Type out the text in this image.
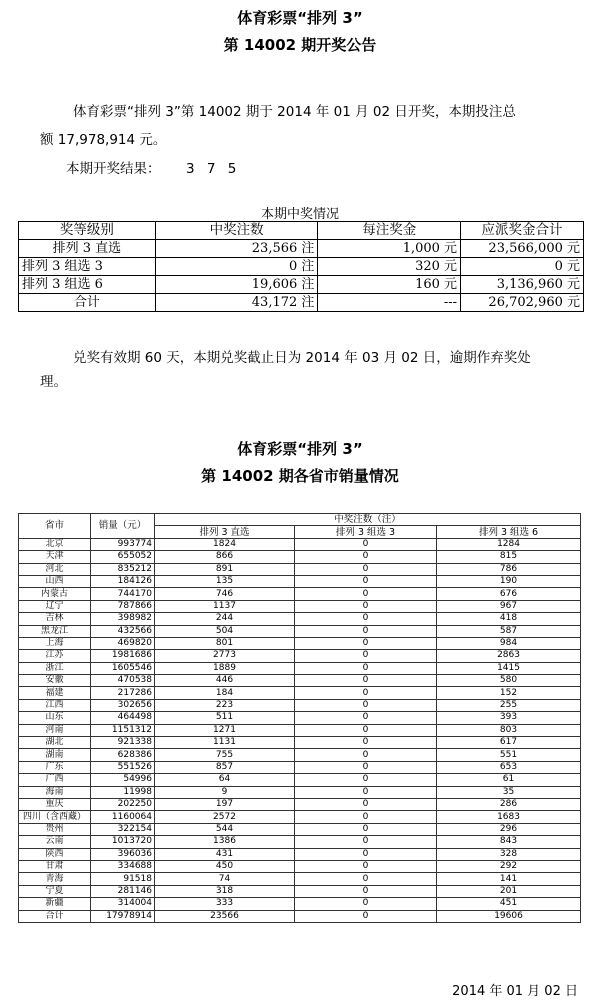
体育彩票“排列 3”
第 14002 期开奖公告
体育彩票“排列 3”第 14002 期于 2014 年 01 月 02 日开奖，本期投注总
额 17,978,914 元。
本期开奖结果： 3 7 5
本期中奖情况
奖等级别	中奖注数	每注奖金	应派奖金合计
排列 3 直选	23,566 注	1,000 元	23,566,000 元
排列 3 组选 3	0 注	320 元	0 元
排列 3 组选 6	19,606 注	160 元	3,136,960 元
合计	43,172 注	---	26,702,960 元
兑奖有效期 60 天，本期兑奖截止日为 2014 年 03 月 02 日，逾期作弃奖处
理。
体育彩票“排列 3”
第 14002 期各省市销量情况
省市	销量（元）	中奖注数（注）		
		排列 3 直选	排列 3 组选 3	排列 3 组选 6
北京	993774	1824	0	1284
天津	655052	866	0	815
河北	835212	891	0	786
山西	184126	135	0	190
内蒙古	744170	746	0	676
辽宁	787866	1137	0	967
吉林	398982	244	0	418
黑龙江	432566	504	0	587
上海	469820	801	0	984
江苏	1981686	2773	0	2863
浙江	1605546	1889	0	1415
安徽	470538	446	0	580
福建	217286	184	0	152
江西	302656	223	0	255
山东	464498	511	0	393
河南	1151312	1271	0	803
湖北	921338	1131	0	617
湖南	628386	755	0	551
广东	551526	857	0	653
广西	54996	64	0	61
海南	11998	9	0	35
重庆	202250	197	0	286
四川（含西藏）	1160064	2572	0	1683
贵州	322154	544	0	296
云南	1013720	1386	0	843
陕西	396036	431	0	328
甘肃	334688	450	0	292
青海	91518	74	0	141
宁夏	281146	318	0	201
新疆	314004	333	0	451
合计	17978914	23566	0	19606
2014 年 01 月 02 日
